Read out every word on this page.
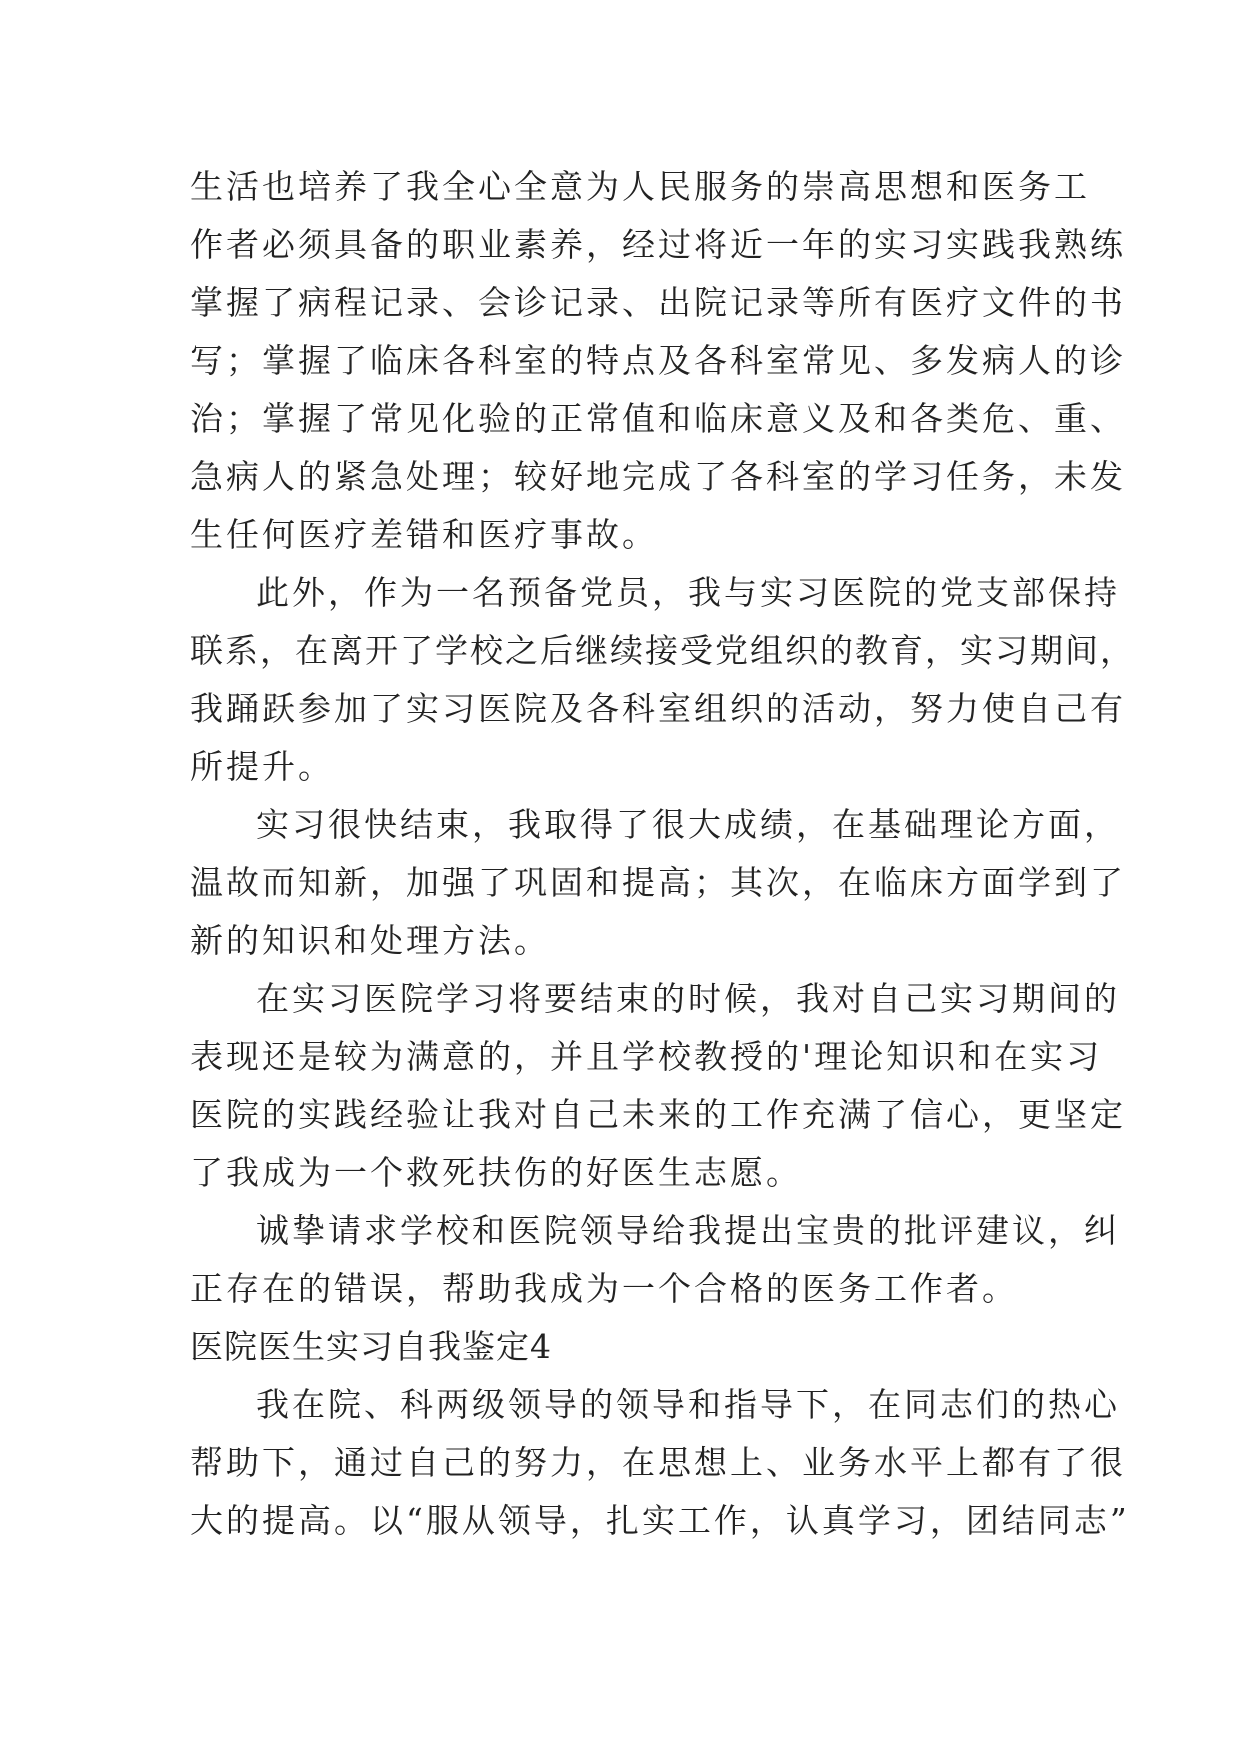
生活也培养了我全心全意为人民服务的崇高思想和医务工
作者必须具备的职业素养，经过将近一年的实习实践我熟练
掌握了病程记录、会诊记录、出院记录等所有医疗文件的书
写；掌握了临床各科室的特点及各科室常见、多发病人的诊
治；掌握了常见化验的正常值和临床意义及和各类危、重、
急病人的紧急处理；较好地完成了各科室的学习任务，未发
生任何医疗差错和医疗事故。
此外，作为一名预备党员，我与实习医院的党支部保持
联系，在离开了学校之后继续接受党组织的教育，实习期间，
我踊跃参加了实习医院及各科室组织的活动，努力使自己有
所提升。
实习很快结束，我取得了很大成绩，在基础理论方面，
温故而知新，加强了巩固和提高；其次，在临床方面学到了
新的知识和处理方法。
在实习医院学习将要结束的时候，我对自己实习期间的
表现还是较为满意的，并且学校教授的'理论知识和在实习
医院的实践经验让我对自己未来的工作充满了信心，更坚定
了我成为一个救死扶伤的好医生志愿。
诚挚请求学校和医院领导给我提出宝贵的批评建议，纠
正存在的错误，帮助我成为一个合格的医务工作者。
医院医生实习自我鉴定4
我在院、科两级领导的领导和指导下，在同志们的热心
帮助下，通过自己的努力，在思想上、业务水平上都有了很
大的提高。以“服从领导，扎实工作，认真学习，团结同志”
